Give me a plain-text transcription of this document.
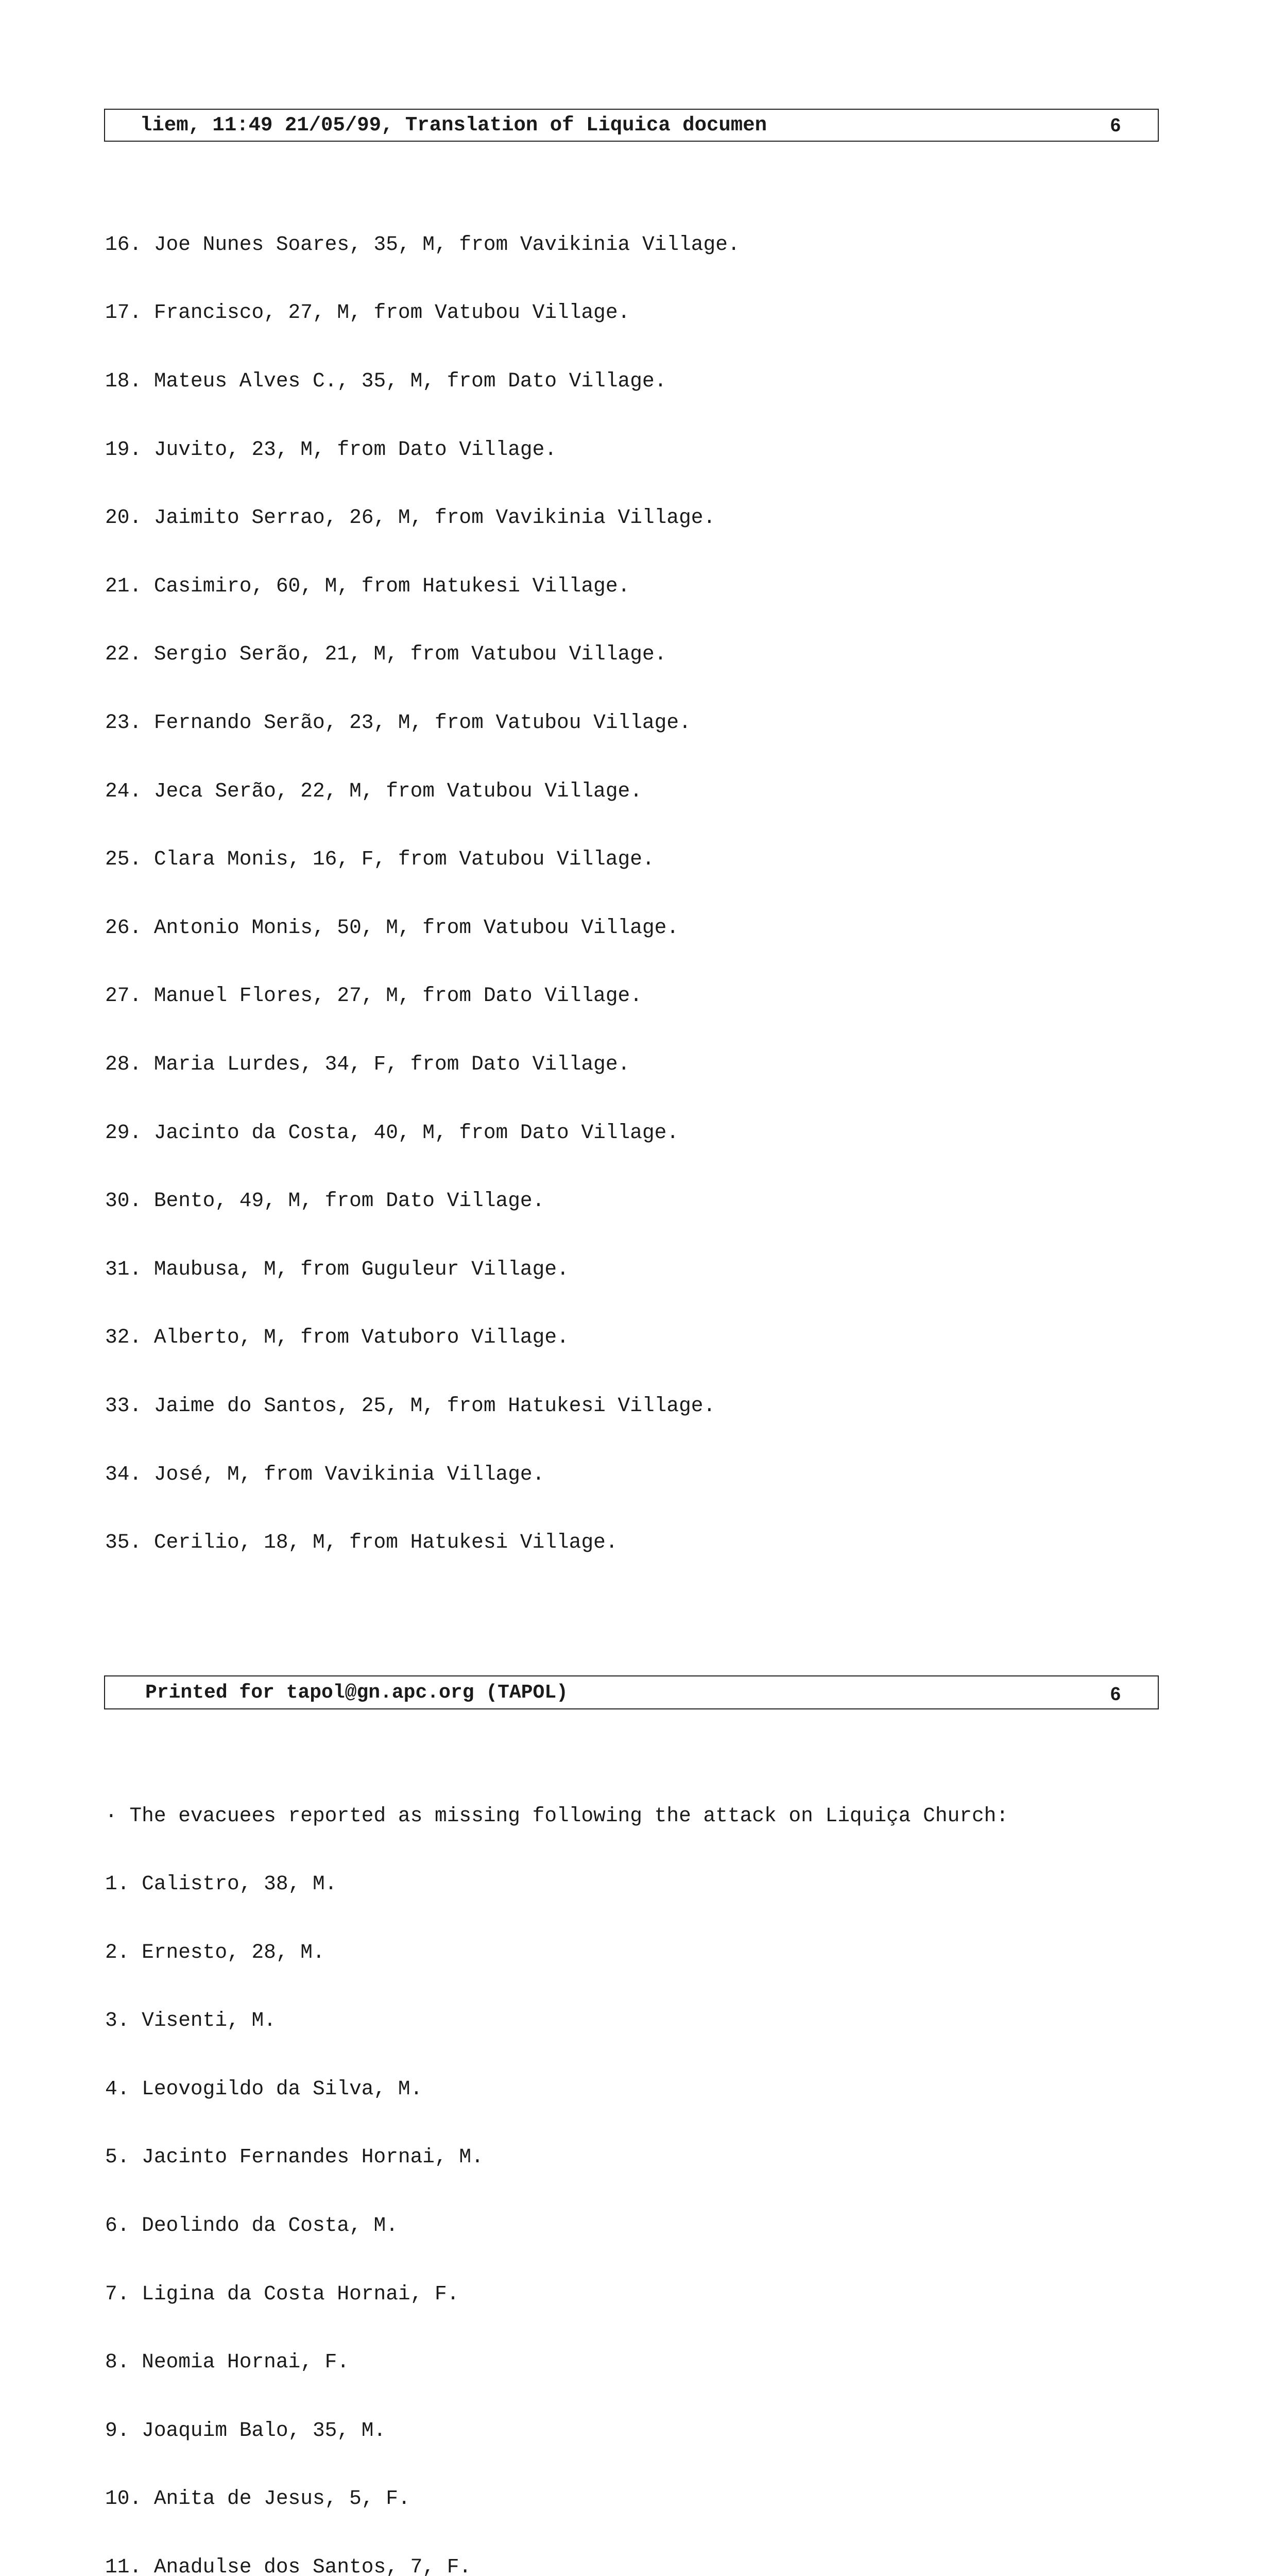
liem, 11:49 21/05/99, Translation of Liquica documen	6

16. Joe Nunes Soares, 35, M, from Vavikinia Village.

17. Francisco, 27, M, from Vatubou Village.

18. Mateus Alves C., 35, M, from Dato Village.

19. Juvito, 23, M, from Dato Village.

20. Jaimito Serrao, 26, M, from Vavikinia Village.

21. Casimiro, 60, M, from Hatukesi Village.

22. Sergio Serão, 21, M, from Vatubou Village.

23. Fernando Serão, 23, M, from Vatubou Village.

24. Jeca Serão, 22, M, from Vatubou Village.

25. Clara Monis, 16, F, from Vatubou Village.

26. Antonio Monis, 50, M, from Vatubou Village.

27. Manuel Flores, 27, M, from Dato Village.

28. Maria Lurdes, 34, F, from Dato Village.

29. Jacinto da Costa, 40, M, from Dato Village.

30. Bento, 49, M, from Dato Village.

31. Maubusa, M, from Guguleur Village.

32. Alberto, M, from Vatuboro Village.

33. Jaime do Santos, 25, M, from Hatukesi Village.

34. José, M, from Vavikinia Village.

35. Cerilio, 18, M, from Hatukesi Village.

· The evacuees reported as missing following the attack on Liquiça Church:

1. Calistro, 38, M.

2. Ernesto, 28, M.

3. Visenti, M.

4. Leovogildo da Silva, M.

5. Jacinto Fernandes Hornai, M.

6. Deolindo da Costa, M.

7. Ligina da Costa Hornai, F.

8. Neomia Hornai, F.

9. Joaquim Balo, 35, M.

10. Anita de Jesus, 5, F.

11. Anadulse dos Santos, 7, F.

Printed for tapol@gn.apc.org (TAPOL)	6
